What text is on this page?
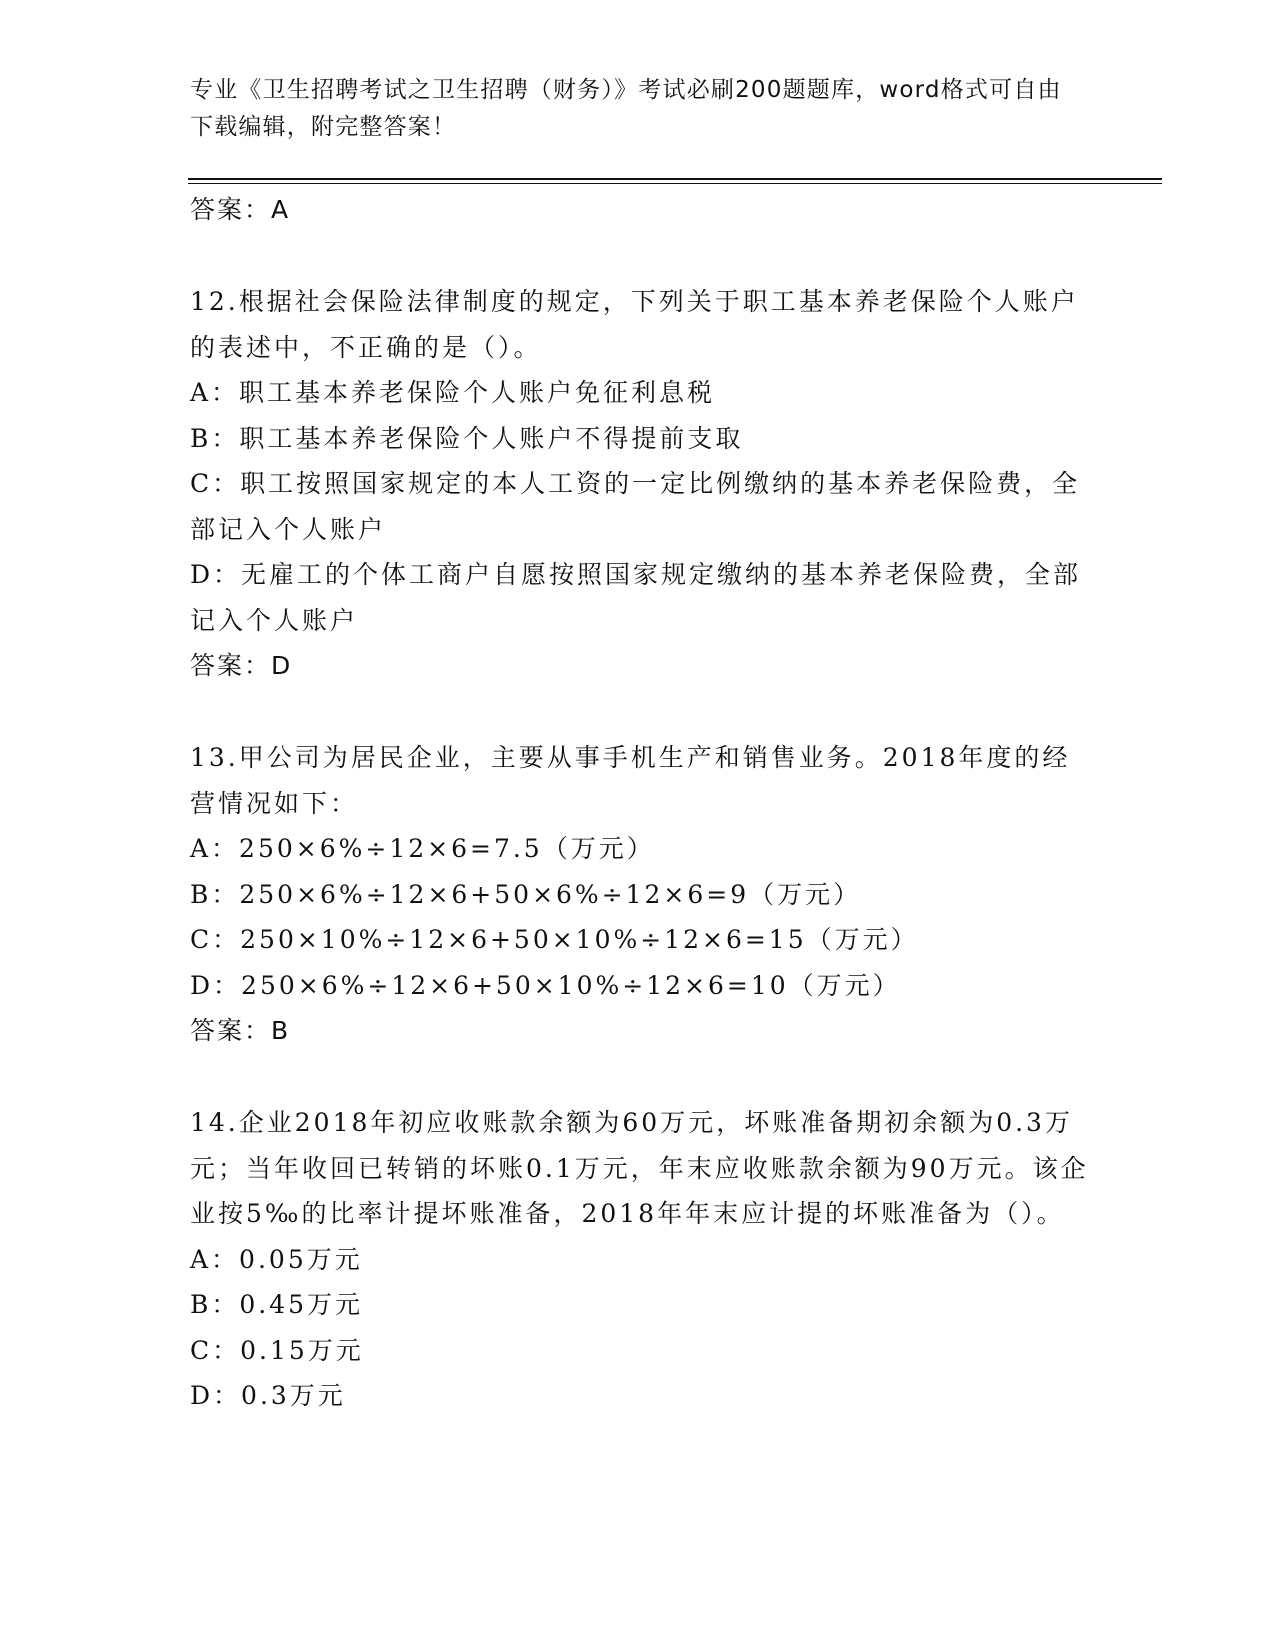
专业《卫生招聘考试之卫生招聘（财务）》考试必刷200题题库，word格式可自由下载编辑，附完整答案！

答案：A

12.根据社会保险法律制度的规定，下列关于职工基本养老保险个人账户的表述中，不正确的是（）。

A：职工基本养老保险个人账户免征利息税

B：职工基本养老保险个人账户不得提前支取

C：职工按照国家规定的本人工资的一定比例缴纳的基本养老保险费，全部记入个人账户

D：无雇工的个体工商户自愿按照国家规定缴纳的基本养老保险费，全部记入个人账户

答案：D

13.甲公司为居民企业，主要从事手机生产和销售业务。2018年度的经营情况如下：

A：250×6%÷12×6=7.5（万元）

B：250×6%÷12×6+50×6%÷12×6=9（万元）

C：250×10%÷12×6+50×10%÷12×6=15（万元）

D：250×6%÷12×6+50×10%÷12×6=10（万元）

答案：B

14.企业2018年初应收账款余额为60万元，坏账准备期初余额为0.3万元；当年收回已转销的坏账0.1万元，年末应收账款余额为90万元。该企业按5‰的比率计提坏账准备，2018年年末应计提的坏账准备为（）。

A：0.05万元

B：0.45万元

C：0.15万元

D：0.3万元
